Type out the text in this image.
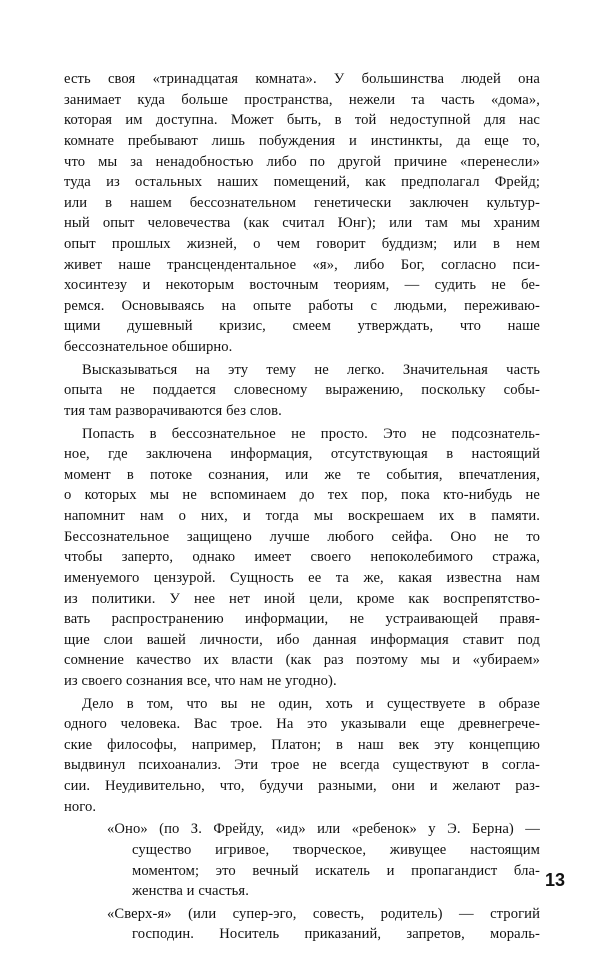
есть своя «тринадцатая комната». У большинства людей она
занимает куда больше пространства, нежели та часть «дома»,
которая им доступна. Может быть, в той недоступной для нас
комнате пребывают лишь побуждения и инстинкты, да еще то,
что мы за ненадобностью либо по другой причине «перенесли»
туда из остальных наших помещений, как предполагал Фрейд;
или в нашем бессознательном генетически заключен культур-
ный опыт человечества (как считал Юнг); или там мы храним
опыт прошлых жизней, о чем говорит буддизм; или в нем
живет наше трансцендентальное «я», либо Бог, согласно пси-
хосинтезу и некоторым восточным теориям, — судить не бе-
ремся. Основываясь на опыте работы с людьми, переживаю-
щими душевный кризис, смеем утверждать, что наше
бессознательное обширно.
Высказываться на эту тему не легко. Значительная часть
опыта не поддается словесному выражению, поскольку собы-
тия там разворачиваются без слов.
Попасть в бессознательное не просто. Это не подсознатель-
ное, где заключена информация, отсутствующая в настоящий
момент в потоке сознания, или же те события, впечатления,
о которых мы не вспоминаем до тех пор, пока кто-нибудь не
напомнит нам о них, и тогда мы воскрешаем их в памяти.
Бессознательное защищено лучше любого сейфа. Оно не то
чтобы заперто, однако имеет своего непоколебимого стража,
именуемого цензурой. Сущность ее та же, какая известна нам
из политики. У нее нет иной цели, кроме как воспрепятство-
вать распространению информации, не устраивающей правя-
щие слои вашей личности, ибо данная информация ставит под
сомнение качество их власти (как раз поэтому мы и «убираем»
из своего сознания все, что нам не угодно).
Дело в том, что вы не один, хоть и существуете в образе
одного человека. Вас трое. На это указывали еще древнегрече-
ские философы, например, Платон; в наш век эту концепцию
выдвинул психоанализ. Эти трое не всегда существуют в согла-
сии. Неудивительно, что, будучи разными, они и желают раз-
ного.
«Оно» (по З. Фрейду, «ид» или «ребенок» у Э. Берна) —
существо игривое, творческое, живущее настоящим
моментом; это вечный искатель и пропагандист бла-
женства и счастья.
«Сверх-я» (или супер-эго, совесть, родитель) — строгий
господин. Носитель приказаний, запретов, мораль-
13
